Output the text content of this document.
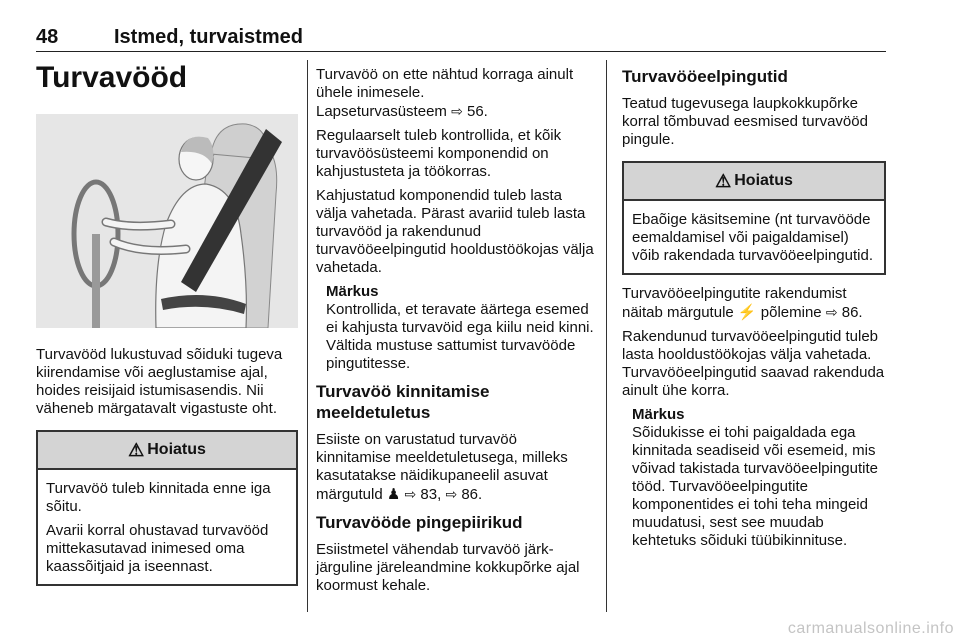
48	Istmed, turvaistmed
Turvavööd

Turvavööd lukustuvad sõiduki tugeva kiirendamise või aeglustamise ajal, hoides reisijaid istumisasendis. Nii väheneb märgatavalt vigastuste oht.

⚠ Hoiatus

Turvavöö tuleb kinnitada enne iga sõitu.

Avarii korral ohustavad turvavööd mittekasutavad inimesed oma kaassõitjaid ja iseennast.

Turvavöö on ette nähtud korraga ainult ühele inimesele.
Lapseturvasüsteem ⇨ 56.

Regulaarselt tuleb kontrollida, et kõik turvavöösüsteemi komponendid on kahjustusteta ja töökorras.

Kahjustatud komponendid tuleb lasta välja vahetada. Pärast avariid tuleb lasta turvavööd ja rakendunud turvavööeelpingutid hooldustöökojas välja vahetada.

Märkus
Kontrollida, et teravate äärtega esemed ei kahjusta turvavöid ega kiilu neid kinni. Vältida mustuse sattumist turvavööde pingutitesse.
Turvavöö kinnitamise meeldetuletus

Esiiste on varustatud turvavöö kinnitamise meeldetuletusega, milleks kasutatakse näidikupaneelil asuvat märgutuld ♟ ⇨ 83, ⇨ 86.

Turvavööde pingepiirikud

Esiistmetel vähendab turvavöö järk-järguline järeleandmine kokkupõrke ajal koormust kehale.

Turvavööeelpingutid

Teatud tugevusega laupkokkupõrke korral tõmbuvad eesmised turvavööd pingule.

⚠ Hoiatus

Ebaõige käsitsemine (nt turvavööde eemaldamisel või paigaldamisel) võib rakendada turvavööeelpingutid.

Turvavööeelpingutite rakendumist näitab märgutule ⚡ põlemine ⇨ 86.

Rakendunud turvavööeelpingutid tuleb lasta hooldustöökojas välja vahetada. Turvavööeelpingutid saavad rakenduda ainult ühe korra.

Märkus
Sõidukisse ei tohi paigaldada ega kinnitada seadiseid või esemeid, mis võivad takistada turvavööeelpingutite tööd. Turvavööeelpingutite komponentides ei tohi teha mingeid muudatusi, sest see muudab kehtetuks sõiduki tüübikinnituse.
carmanualsonline.info
